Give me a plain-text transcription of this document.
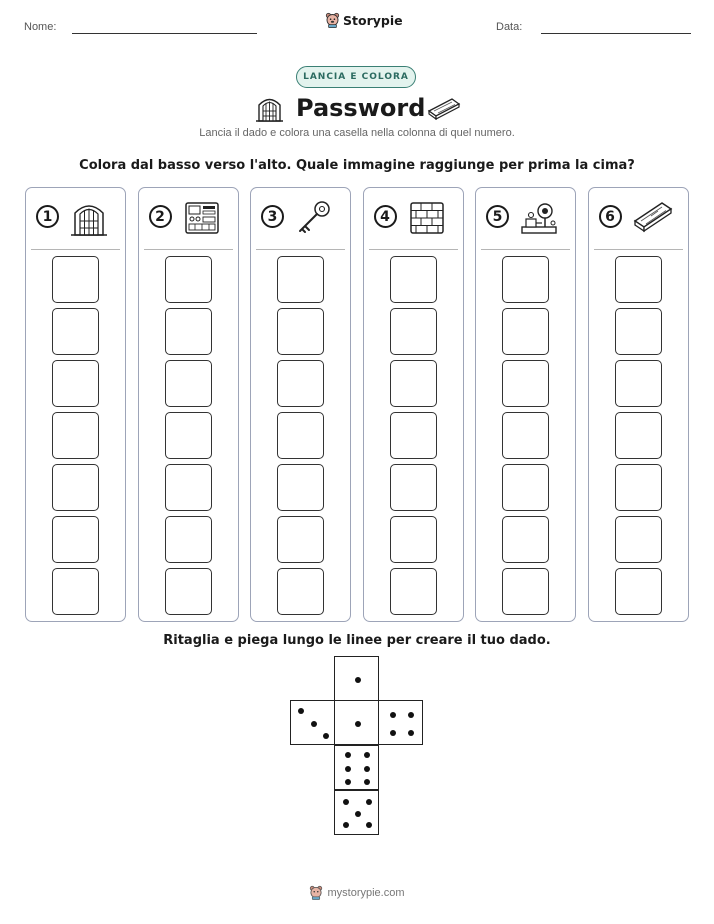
Nome:	Storypie	Data:
LANCIA E COLORA
Password
Lancia il dado e colora una casella nella colonna di quel numero.
Colora dal basso verso l'alto. Quale immagine raggiunge per prima la cima?
1	2	3	4	5	6
Ritaglia e piega lungo le linee per creare il tuo dado.
mystorypie.com
